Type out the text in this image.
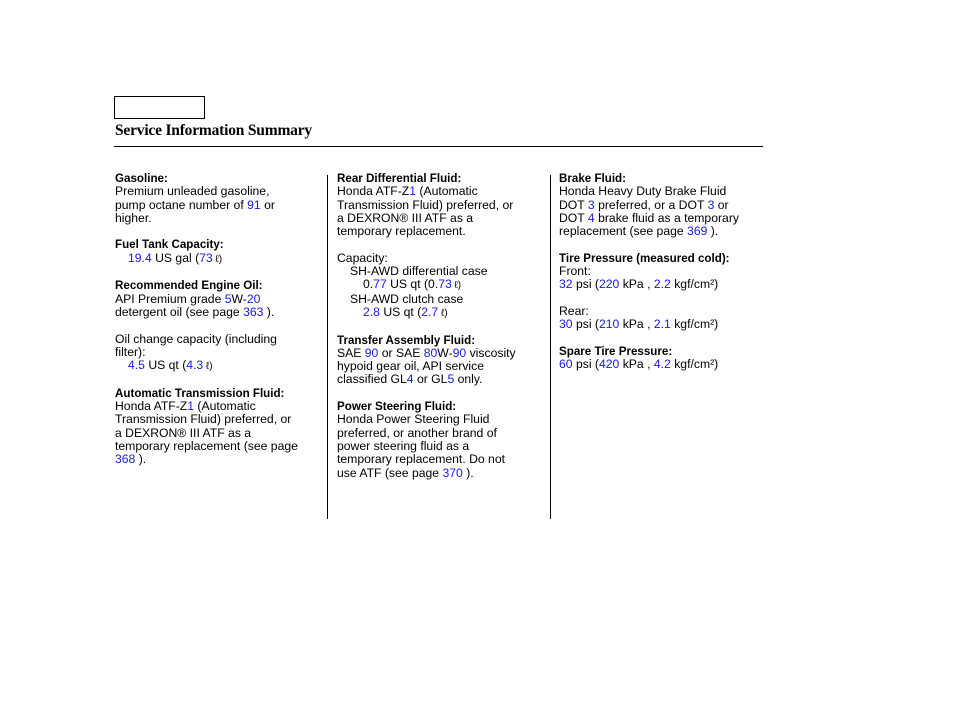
Service Information Summary
Gasoline:
Premium unleaded gasoline,
pump octane number of 91 or
higher.
Fuel Tank Capacity:
19.4 US gal (73 ℓ)
Recommended Engine Oil:
API Premium grade 5W-20
detergent oil (see page 363 ).
Oil change capacity (including
filter):
4.5 US qt (4.3 ℓ)
Automatic Transmission Fluid:
Honda ATF-Z1 (Automatic
Transmission Fluid) preferred, or
a DEXRON® III ATF as a
temporary replacement (see page
368 ).
Rear Differential Fluid:
Honda ATF-Z1 (Automatic
Transmission Fluid) preferred, or
a DEXRON® III ATF as a
temporary replacement.
Capacity:
SH-AWD differential case
0.77 US qt (0.73 ℓ)
SH-AWD clutch case
2.8 US qt (2.7 ℓ)
Transfer Assembly Fluid:
SAE 90 or SAE 80W-90 viscosity
hypoid gear oil, API service
classified GL4 or GL5 only.
Power Steering Fluid:
Honda Power Steering Fluid
preferred, or another brand of
power steering fluid as a
temporary replacement. Do not
use ATF (see page 370 ).
Brake Fluid:
Honda Heavy Duty Brake Fluid
DOT 3 preferred, or a DOT 3 or
DOT 4 brake fluid as a temporary
replacement (see page 369 ).
Tire Pressure (measured cold):
Front:
32 psi (220 kPa , 2.2 kgf/cm²)
Rear:
30 psi (210 kPa , 2.1 kgf/cm²)
Spare Tire Pressure:
60 psi (420 kPa , 4.2 kgf/cm²)
